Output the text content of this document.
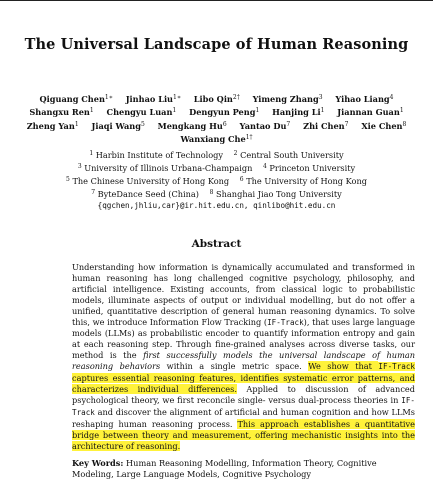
The Universal Landscape of Human Reasoning
Qiguang Chen$^{1∗}$ Jinhao Liu$^{1∗}$ Libo Qin$^{2\dagger}$ Yimeng Zhang$^3$ Yihao Liang$^4$ Shangxu Ren$^1$ Chengyu Luan$^1$ Dengyun Peng$^1$ Hanjing Li$^1$ Jiannan Guan$^1$ Zheng Yan$^1$ Jiaqi Wang$^5$ Mengkang Hu$^6$ Yantao Du$^7$ Zhi Chen$^7$ Xie Chen$^8$ Wanxiang Che$^{1\dagger}$
$^1$ Harbin Institute of Technology $^2$ Central South University $^3$ University of Illinois Urbana-Champaign $^4$ Princeton University $^5$ The Chinese University of Hong Kong $^6$ The University of Hong Kong $^7$ ByteDance Seed (China) $^8$ Shanghai Jiao Tong University
{qgchen,jhliu,car}@ir.hit.edu.cn, qinlibo@hit.edu.cn
Abstract
Understanding how information is dynamically accumulated and transformed in human reasoning has long challenged cognitive psychology, philosophy, and artificial intelligence. Existing accounts, from classical logic to probabilistic models, illuminate aspects of output or individual modelling, but do not offer a unified, quantitative description of general human reasoning dynamics. To solve this, we introduce Information Flow Tracking (IF-Track), that uses large language models (LLMs) as probabilistic encoder to quantify information entropy and gain at each reasoning step. Through fine-grained analyses across diverse tasks, our method is the first successfully models the universal landscape of human reasoning behaviors within a single metric space. We show that IF-Track captures essential reasoning features, identifies systematic error patterns, and characterizes individual differences. Applied to discussion of advanced psychological theory, we first reconcile single- versus dual-process theories in IF-Track and discover the alignment of artificial and human cognition and how LLMs reshaping human reasoning process. This approach establishes a quantitative bridge between theory and measurement, offering mechanistic insights into the architecture of reasoning.
Key Words: Human Reasoning Modelling, Information Theory, Cognitive Modeling, Large Language Models, Cognitive Psychology
